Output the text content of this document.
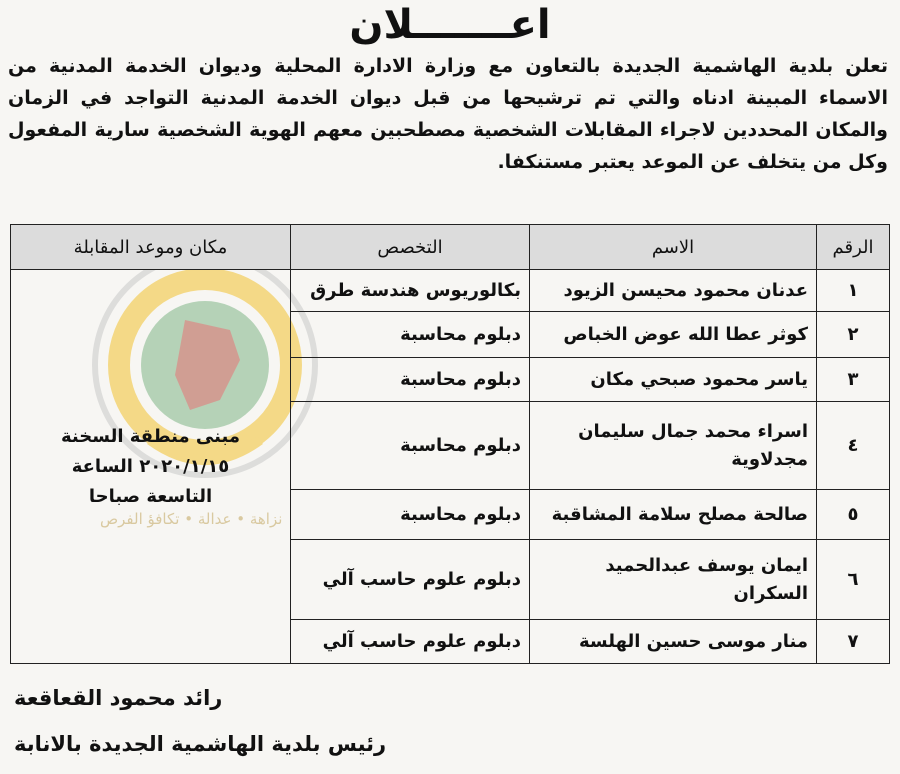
اعـــــــلان

تعلن بلدية الهاشمية الجديدة بالتعاون مع وزارة الادارة المحلية وديوان الخدمة المدنية من الاسماء المبينة ادناه والتي تم ترشيحها من قبل ديوان الخدمة المدنية التواجد في الزمان والمكان المحددين لاجراء المقابلات الشخصية مصطحبين معهم الهوية الشخصية سارية المفعول وكل من يتخلف عن الموعد يعتبر مستنكفا.

الرقم	الاسم	التخصص	مكان وموعد المقابلة
١	عدنان محمود محيسن الزيود	بكالوريوس هندسة طرق	مبنى منطقة السخنة
٢٠٢٠/١/١٥ الساعة
التاسعة صباحا

٢	كوثر عطا الله عوض الخباص	دبلوم محاسبة	
٣	ياسر محمود صبحي مكان	دبلوم محاسبة	
٤	اسراء محمد جمال سليمان مجدلاوية	دبلوم محاسبة	
٥	صالحة مصلح سلامة المشاقبة	دبلوم محاسبة	
٦	ايمان يوسف عبدالحميد السكران	دبلوم علوم حاسب آلي	
٧	منار موسى حسين الهلسة	دبلوم علوم حاسب آلي	
نزاهة • عدالة • تكافؤ الفرص
رائد محمود القعاقعة
رئيس بلدية الهاشمية الجديدة بالانابة
